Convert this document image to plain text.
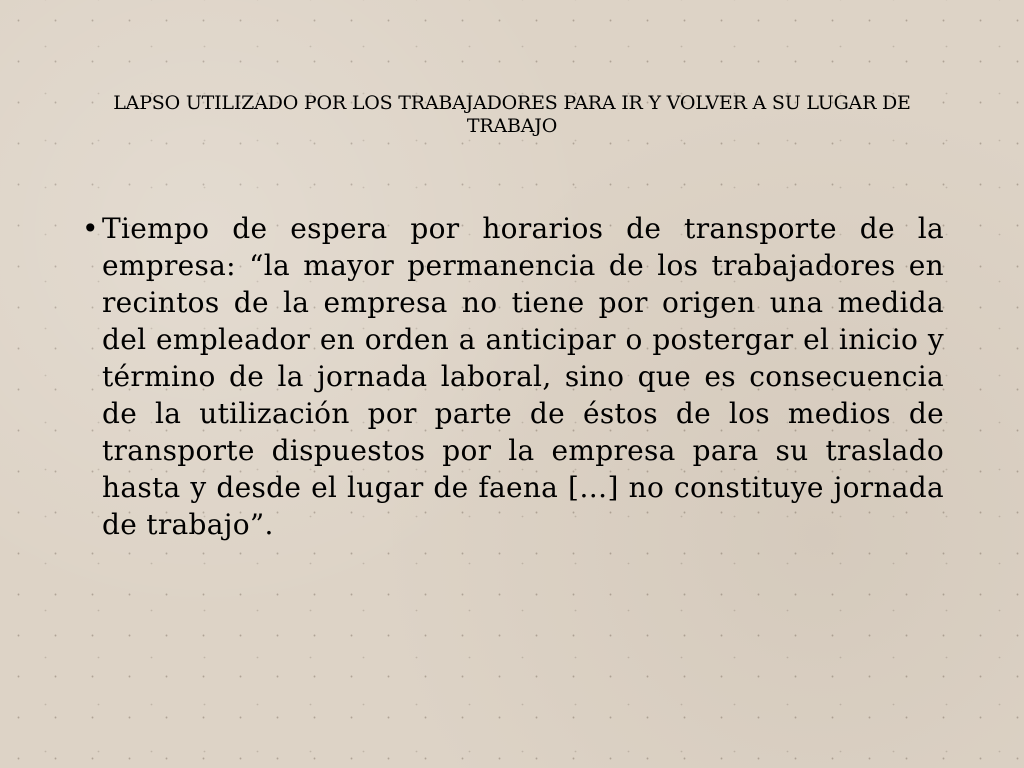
LAPSO UTILIZADO POR LOS TRABAJADORES PARA IR Y VOLVER A SU LUGAR DE TRABAJO
• Tiempo de espera por horarios de transporte de la empresa: “la mayor permanencia de los trabajadores en recintos de la empresa no tiene por origen una medida del empleador en orden a anticipar o postergar el inicio y término de la jornada laboral, sino que es consecuencia de la utilización por parte de éstos de los medios de transporte dispuestos por la empresa para su traslado hasta y desde el lugar de faena […] no constituye jornada de trabajo”.
